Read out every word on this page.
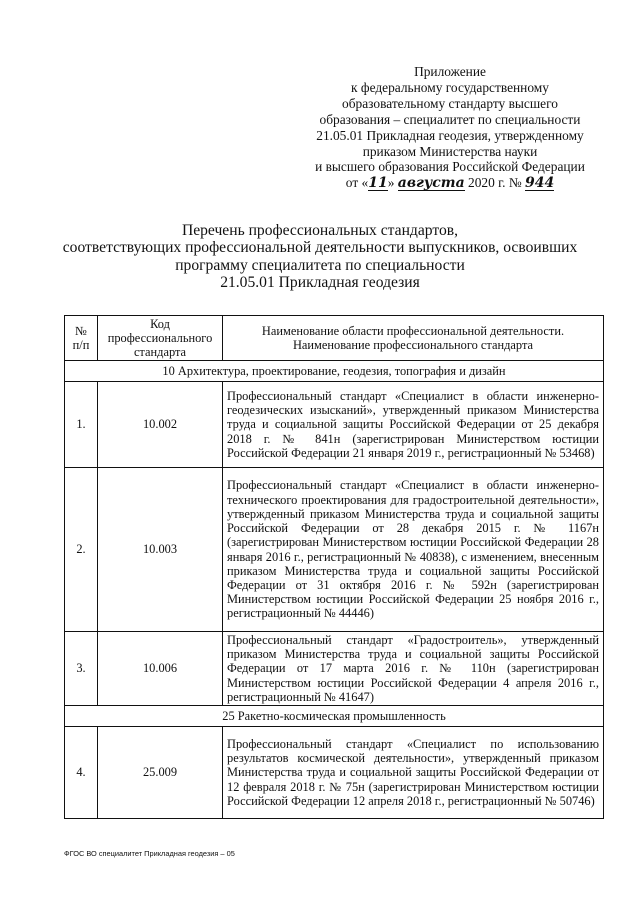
Приложение
к федеральному государственному
образовательному стандарту высшего
образования – специалитет по специальности
21.05.01 Прикладная геодезия, утвержденному
приказом Министерства науки
и высшего образования Российской Федерации
от «11» августа 2020 г. № 944
Перечень профессиональных стандартов,
соответствующих профессиональной деятельности выпускников, освоивших
программу специалитета по специальности
21.05.01 Прикладная геодезия
№ п/п	Код профессионального стандарта	Наименование области профессиональной деятельности. Наименование профессионального стандарта
10 Архитектура, проектирование, геодезия, топография и дизайн		
1.	10.002	Профессиональный стандарт «Специалист в области инженерно-геодезических изысканий», утвержденный приказом Министерства труда и социальной защиты Российской Федерации от 25 декабря 2018 г. № 841н (зарегистрирован Министерством юстиции Российской Федерации 21 января 2019 г., регистрационный № 53468)
2.	10.003	Профессиональный стандарт «Специалист в области инженерно-технического проектирования для градостроительной деятельности», утвержденный приказом Министерства труда и социальной защиты Российской Федерации от 28 декабря 2015 г. № 1167н (зарегистрирован Министерством юстиции Российской Федерации 28 января 2016 г., регистрационный № 40838), с изменением, внесенным приказом Министерства труда и социальной защиты Российской Федерации от 31 октября 2016 г. № 592н (зарегистрирован Министерством юстиции Российской Федерации 25 ноября 2016 г., регистрационный № 44446)
3.	10.006	Профессиональный стандарт «Градостроитель», утвержденный приказом Министерства труда и социальной защиты Российской Федерации от 17 марта 2016 г. № 110н (зарегистрирован Министерством юстиции Российской Федерации 4 апреля 2016 г., регистрационный № 41647)
25 Ракетно-космическая промышленность		
4.	25.009	Профессиональный стандарт «Специалист по использованию результатов космической деятельности», утвержденный приказом Министерства труда и социальной защиты Российской Федерации от 12 февраля 2018 г. № 75н (зарегистрирован Министерством юстиции Российской Федерации 12 апреля 2018 г., регистрационный № 50746)
ФГОС ВО специалитет Прикладная геодезия – 05
